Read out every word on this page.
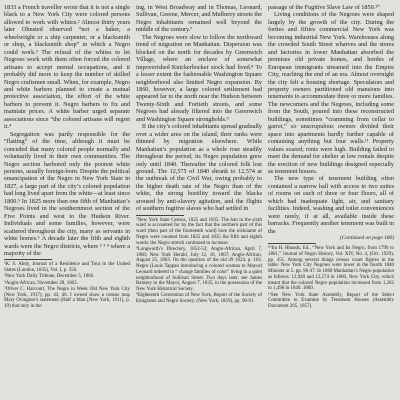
1833 a French traveller wrote that it is not a single black to a New York City were colored persons allowed to work with whites.² Almost thirty years later Olmsted observed “not a baker, a wheelwright or a ship carpenter, or a blacksmith or shop, a blacksmith shop” in which a Negro could work.³ The refusal of the whites to let Negroes work with them often forced the colored artisans to accept menial occupations, and it probably did more to keep the number of skilled Negro craftsmen small. When, for example, Negro and white barbers planned to create a mutual protective association, the effort of the white barbers to prevent it. Negro barbers to fix and maintain prices. A white barber urged separate associations since “the colored artisans will regret it.⁴

Segregation was partly responsible for the “flatting” of the time, although it must be conceded that many colored people normally and voluntarily lived in their own communities. The Negro section harbored only the poorest white persons, usually foreign-born. Despite the political emancipation of the Negro in New York State in 1827, a large part of the city’s colored population had long lived apart from the white—at least since 1800.⁵ In 1825 more than one fifth of Manhattan’s Negroes lived in the southernmost section of the Five Points and west to the Hudson River. Individuals and some families, however, were scattered throughout the city, many as servants in white homes.⁶ A decade later the fifth and eighth wards were the Negro districts, where ² ³ ⁴ where a majority of the

²K. S. Abdy, Journal of a Residence and Tour in the United States (London, 1835), Vol. I, p. 356.

³New York Daily Tribune, December 5, 1866.

⁴Anglo-African, November 28, 1863.

⁵Oliver C. Harcourt, The Negro in Week Old New York City (New York, 1917), pp. 43, 46. I owned show a census map Mary Ovington’s statement (Half a Man [New York, 1911], p. 19) that only in the

ing, in West Broadway and in Thomas, Leonard, Sullivan, Greene, Mercer, and Mulberry streets the Negro inhabitants remained well beyond the middle of the century.⁷

The Negroes were slow to follow the northward trend of migration on Manhattan. Dispersion was blocked on the north for decades by Greenwich Village, where an enclave of somewhat impoverished Knickerbocker stock had lived.⁸ To a lesser extent the fashionable Washington Square neighborhood also limited Negro expansion. By 1860, however, a large colored settlement had appeared far to the north near the Hudson between Twenty-Sixth and Fortieth streets, and some Negroes had already filtered into the Greenwich and Washington Square strongholds.⁹

If the city’s colored inhabitants spread gradually over a wider area on the island, their ranks were thinned by migration elsewhere. While Manhattan’s population as a whole rose steadily throughout the period, its Negro population grew only until 1840. Thereafter the colored folk lost ground. The 12,575 of 1840 shrank to 12,574 at the outbreak of the Civil War, owing probably to the higher death rate of the Negro than of the white, the strong hostility toward the blacks aroused by anti-slavery agitation, and the flights of southern fugitive slaves who had settled in

⁷New York State Census, 1825 and 1835. The ban in the sixth ward is accounted for by the fact that the northern part of this ward (then part of the fourteenth ward) bore the nickname of Negro were counted from 1825 and 1835 the fifth and eighth wards; the Negro stretch continued to increase.

⁸Longworth’s Directory, 1852-53; Anglo-African, April 7, 1860; New York Herald, July 12, 18, 1867; Anglo-African, August 25, 1863. On the question of the old 49 1924, p. 103. Negro (Louis Tappan introducing a colored woman to Mayor) Leonard ordered to “ change families of color” living in a quiet neighborhood of Sullivan Street. Two days later, see James Ramsey to the Mayor, August 7, 1835, in the possession of the New York Historical Society.

⁹Eighteenth Convention of New York, Report of the Society of Emigrants and Negro Society, (New York, 1859), pp. 90-91.

passage of the Fugitive Slave Law of 1850.¹⁰

Living conditions of the Negroes were shaped largely by the growth of the city. During the forties and fifties commercial New York was becoming industrial New York. Warehouses along the crowded South Street wharves and the stores and factories in lower Manhattan absorbed the premises old private homes, and hordes of European immigrants streamed into the Empire City, reaching the end of an era. Almost overnight the city felt a housing shortage. Speculators and property owners partitioned old mansions into tenements to accommodate three or more families. The newcomers and the Negroes, including some from the South, poured into these reconstructed buildings, sometimes “cramming from cellar to garret,” so unscrupulous owners divided their space into apartments hardly further capable of containing anything but four walls.¹¹ Property values soared; rents were high. Building failed to meet the demand for shelter at low rentals despite the erection of new buildings designed especially as tenement houses.

The new type of tenement building often contained a narrow hall with access to two suites of rooms on each of three or four floors, all of which had inadequate light, air, and sanitary facilities. Indeed, washing and toilet conveniences were rarely, if at all, available inside these barracks. Frequently another tenement was built in the

(Continued on page 180)

¹⁰Ira H. Rhoads, Ed., “New York and Its Negro, from 1790 to 1861,” Journal of Negro History, Vol. XIV, No. 4, (Oct. 1929), pp. 451. Among several things census count figures in the table: New York City Negroes were lower in the fourth 1840 Minister at 5. pp. 90-47. In 1860 Manhattan’s Negro population as follows: 12,949 and 12,574 in 1860, New York City, which meant that the colored Negro population increased from 1,262 to 1,496 in 1840. 1860.

¹¹See New York State Assembly, Report of the Select Committee to Examine by Tenement Houses (Assembly Document 205, 1857).
